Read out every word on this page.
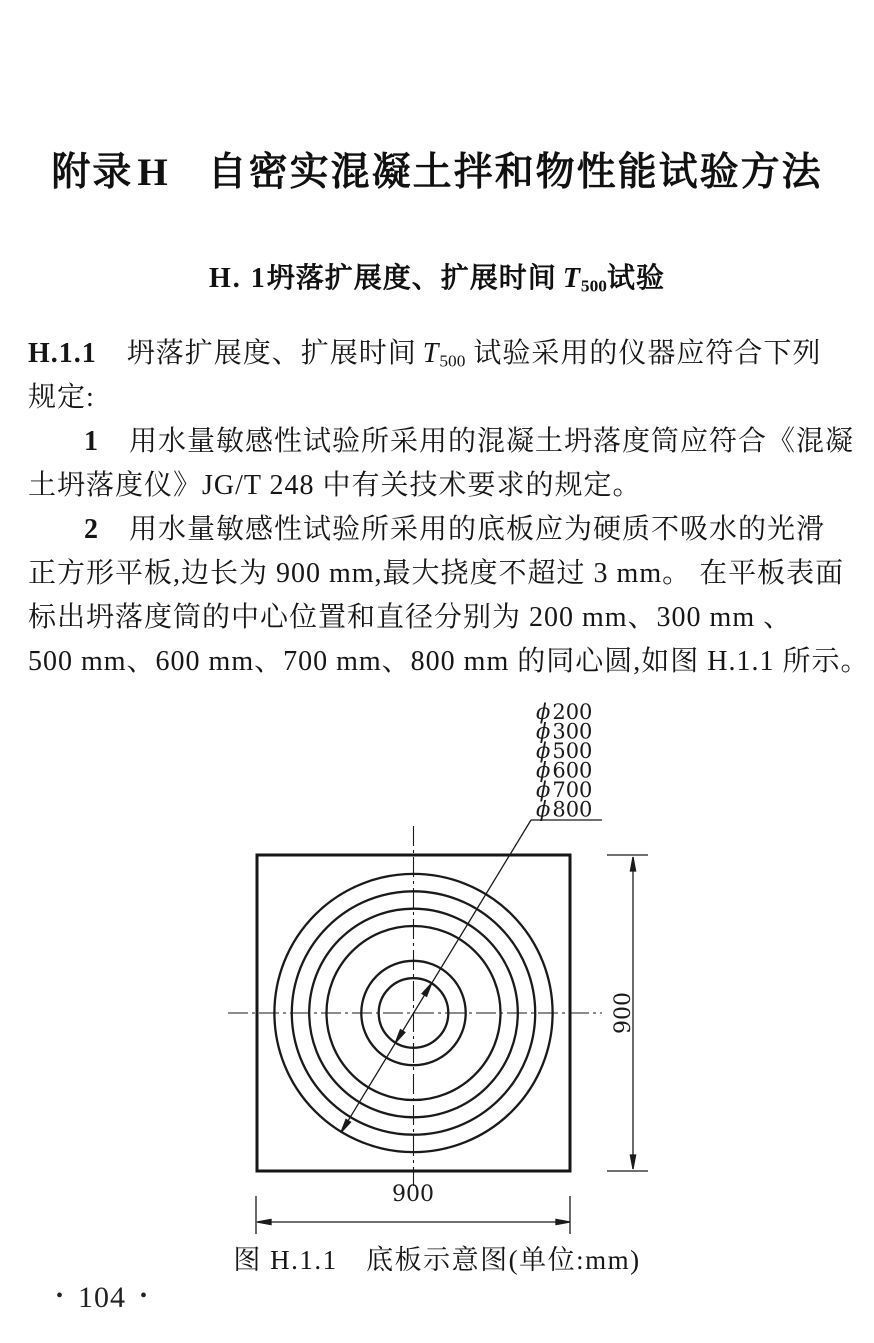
附录 H 自密实混凝土拌和物性能试验方法
H. 1坍落扩展度、扩展时间 T500试验
H.1.1 坍落扩展度、扩展时间 T500 试验采用的仪器应符合下列
规定:
1 用水量敏感性试验所采用的混凝土坍落度筒应符合《混凝
土坍落度仪》JG/T 248 中有关技术要求的规定。
2 用水量敏感性试验所采用的底板应为硬质不吸水的光滑
正方形平板,边长为 900 mm,最大挠度不超过 3 mm。 在平板表面
标出坍落度筒的中心位置和直径分别为 200 mm、300 mm 、
500 mm、600 mm、700 mm、800 mm 的同心圆,如图 H.1.1 所示。
ϕ200
ϕ300
ϕ500
ϕ600
ϕ700
ϕ800
900
900
图 H.1.1　底板示意图(单位:mm)
• 104 •
